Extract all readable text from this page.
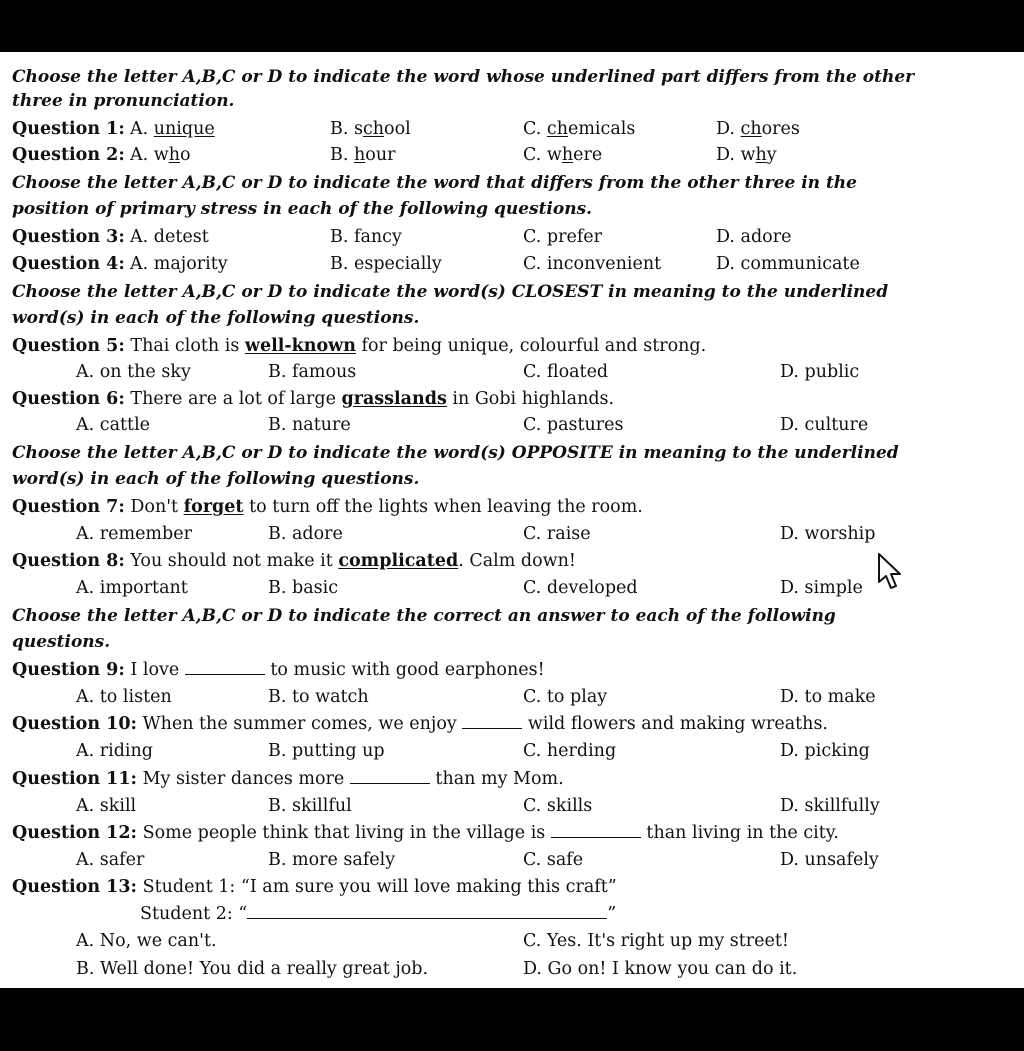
Choose the letter A,B,C or D to indicate the word whose underlined part differs from the other
three in pronunciation.
Question 1: A. unique	B. school	C. chemicals	D. chores
Question 2: A. who	B. hour	C. where	D. why
Choose the letter A,B,C or D to indicate the word that differs from the other three in the
position of primary stress in each of the following questions.
Question 3: A. detest	B. fancy	C. prefer	D. adore
Question 4: A. majority	B. especially	C. inconvenient	D. communicate
Choose the letter A,B,C or D to indicate the word(s) CLOSEST in meaning to the underlined
word(s) in each of the following questions.
Question 5: Thai cloth is well-known for being unique, colourful and strong.
A. on the sky	B. famous	C. floated	D. public
Question 6: There are a lot of large grasslands in Gobi highlands.
A. cattle	B. nature	C. pastures	D. culture
Choose the letter A,B,C or D to indicate the word(s) OPPOSITE in meaning to the underlined
word(s) in each of the following questions.
Question 7: Don't forget to turn off the lights when leaving the room.
A. remember	B. adore	C. raise	D. worship
Question 8: You should not make it complicated. Calm down!
A. important	B. basic	C. developed	D. simple
Choose the letter A,B,C or D to indicate the correct an answer to each of the following
questions.
Question 9: I love	to music with good earphones!
A. to listen	B. to watch	C. to play	D. to make
Question 10: When the summer comes, we enjoy	wild flowers and making wreaths.
A. riding	B. putting up	C. herding	D. picking
Question 11: My sister dances more	than my Mom.
A. skill	B. skillful	C. skills	D. skillfully
Question 12: Some people think that living in the village is	than living in the city.
A. safer	B. more safely	C. safe	D. unsafely
Question 13: Student 1: “I am sure you will love making this craft”
Student 2: “	”
A. No, we can't.	C. Yes. It's right up my street!
B. Well done! You did a really great job.	D. Go on! I know you can do it.
